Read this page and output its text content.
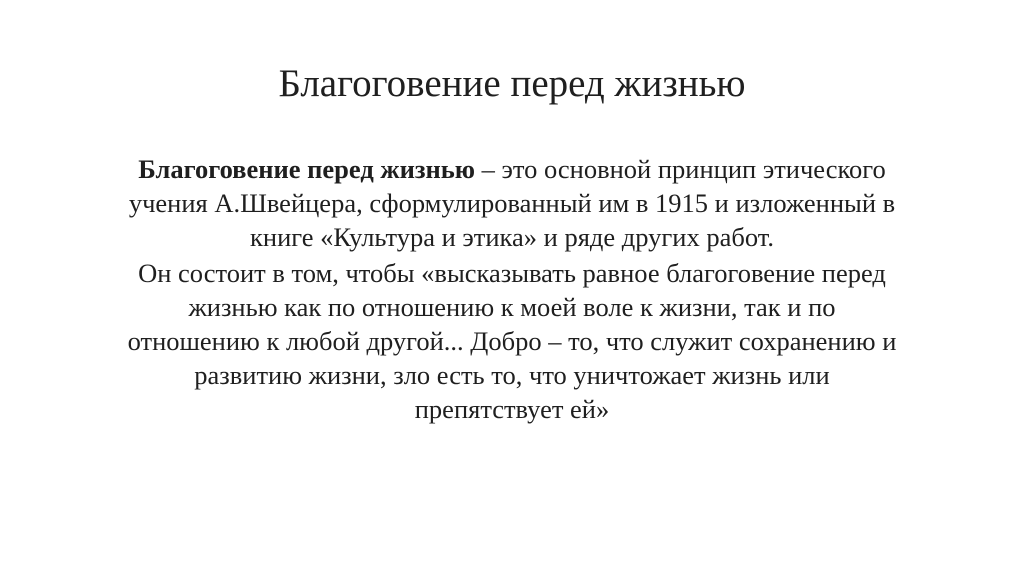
Благоговение перед жизнью

Благоговение перед жизнью – это основной принцип этического
учения А.Швейцера, сформулированный им в 1915 и изложенный в
книге «Культура и этика» и ряде других работ.

Он состоит в том, чтобы «высказывать равное благоговение перед
жизнью как по отношению к моей воле к жизни, так и по
отношению к любой другой... Добро – то, что служит сохранению и
развитию жизни, зло есть то, что уничтожает жизнь или
препятствует ей»
